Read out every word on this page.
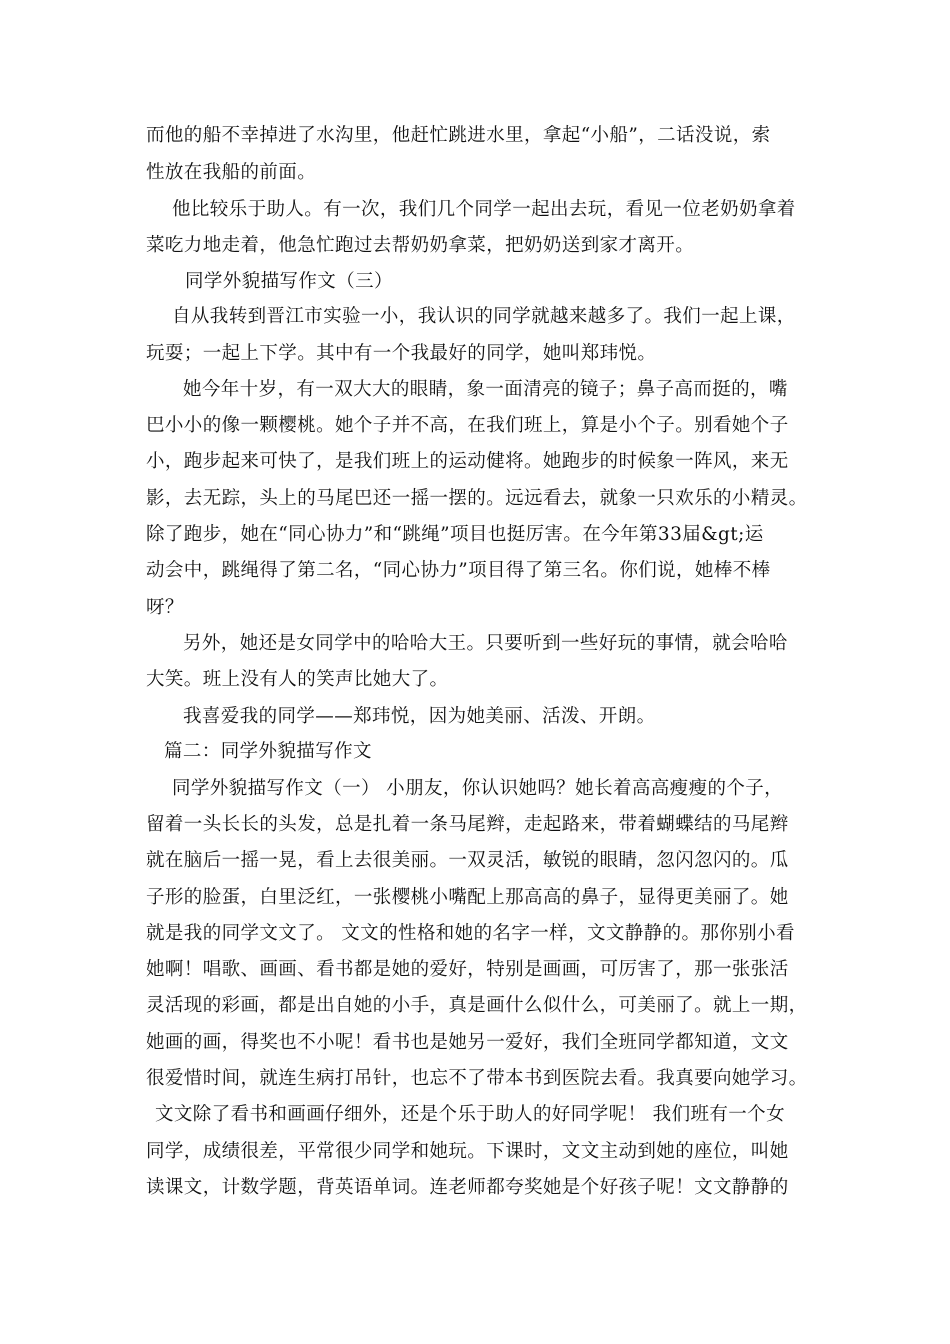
而他的船不幸掉进了水沟里，他赶忙跳进水里，拿起“小船”，二话没说，索
性放在我船的前面。
他比较乐于助人。有一次，我们几个同学一起出去玩，看见一位老奶奶拿着
菜吃力地走着，他急忙跑过去帮奶奶拿菜，把奶奶送到家才离开。
同学外貌描写作文（三）
自从我转到晋江市实验一小，我认识的同学就越来越多了。我们一起上课，
玩耍；一起上下学。其中有一个我最好的同学，她叫郑玮悦。
她今年十岁，有一双大大的眼睛，象一面清亮的镜子；鼻子高而挺的，嘴
巴小小的像一颗樱桃。她个子并不高，在我们班上，算是小个子。别看她个子
小，跑步起来可快了，是我们班上的运动健将。她跑步的时候象一阵风，来无
影，去无踪，头上的马尾巴还一摇一摆的。远远看去，就象一只欢乐的小精灵。
除了跑步，她在“同心协力”和“跳绳”项目也挺厉害。在今年第33届&gt;运
动会中，跳绳得了第二名，“同心协力”项目得了第三名。你们说，她棒不棒
呀？
另外，她还是女同学中的哈哈大王。只要听到一些好玩的事情，就会哈哈
大笑。班上没有人的笑声比她大了。
我喜爱我的同学——郑玮悦，因为她美丽、活泼、开朗。
篇二：同学外貌描写作文
同学外貌描写作文（一） 小朋友，你认识她吗？她长着高高瘦瘦的个子，
留着一头长长的头发，总是扎着一条马尾辫，走起路来，带着蝴蝶结的马尾辫
就在脑后一摇一晃，看上去很美丽。一双灵活，敏锐的眼睛，忽闪忽闪的。瓜
子形的脸蛋，白里泛红，一张樱桃小嘴配上那高高的鼻子，显得更美丽了。她
就是我的同学文文了。 文文的性格和她的名字一样，文文静静的。那你别小看
她啊！唱歌、画画、看书都是她的爱好，特别是画画，可厉害了，那一张张活
灵活现的彩画，都是出自她的小手，真是画什么似什么，可美丽了。就上一期，
她画的画，得奖也不小呢！看书也是她另一爱好，我们全班同学都知道，文文
很爱惜时间，就连生病打吊针，也忘不了带本书到医院去看。我真要向她学习。
文文除了看书和画画仔细外，还是个乐于助人的好同学呢！ 我们班有一个女
同学，成绩很差，平常很少同学和她玩。下课时，文文主动到她的座位，叫她
读课文，计数学题，背英语单词。连老师都夸奖她是个好孩子呢！文文静静的
